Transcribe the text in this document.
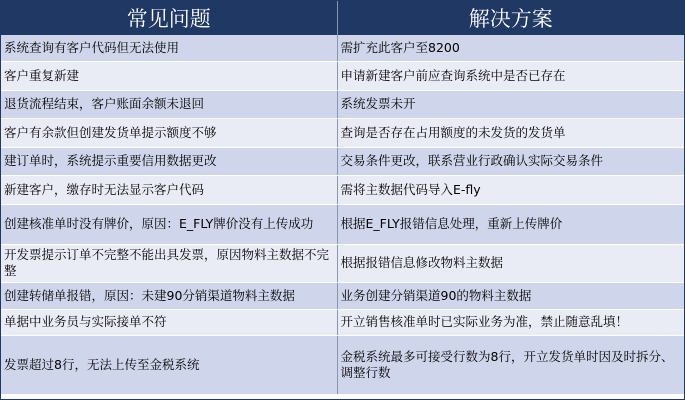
常见问题	解决方案
系统查询有客户代码但无法使用	需扩充此客户至8200
客户重复新建	申请新建客户前应查询系统中是否已存在
退货流程结束，客户账面余额未退回	系统发票未开
客户有余款但创建发货单提示额度不够	查询是否存在占用额度的未发货的发货单
建订单时，系统提示重要信用数据更改	交易条件更改，联系营业行政确认实际交易条件
新建客户，缴存时无法显示客户代码	需将主数据代码导入E-fly
创建核准单时没有牌价，原因：E_FLY牌价没有上传成功	根据E_FLY报错信息处理，重新上传牌价
开发票提示订单不完整不能出具发票，原因物料主数据不完整	根据报错信息修改物料主数据
创建转储单报错，原因：未建90分销渠道物料主数据	业务创建分销渠道90的物料主数据
单据中业务员与实际接单不符	开立销售核准单时已实际业务为准，禁止随意乱填！
发票超过8行，无法上传至金税系统	金税系统最多可接受行数为8行，开立发货单时因及时拆分、调整行数
